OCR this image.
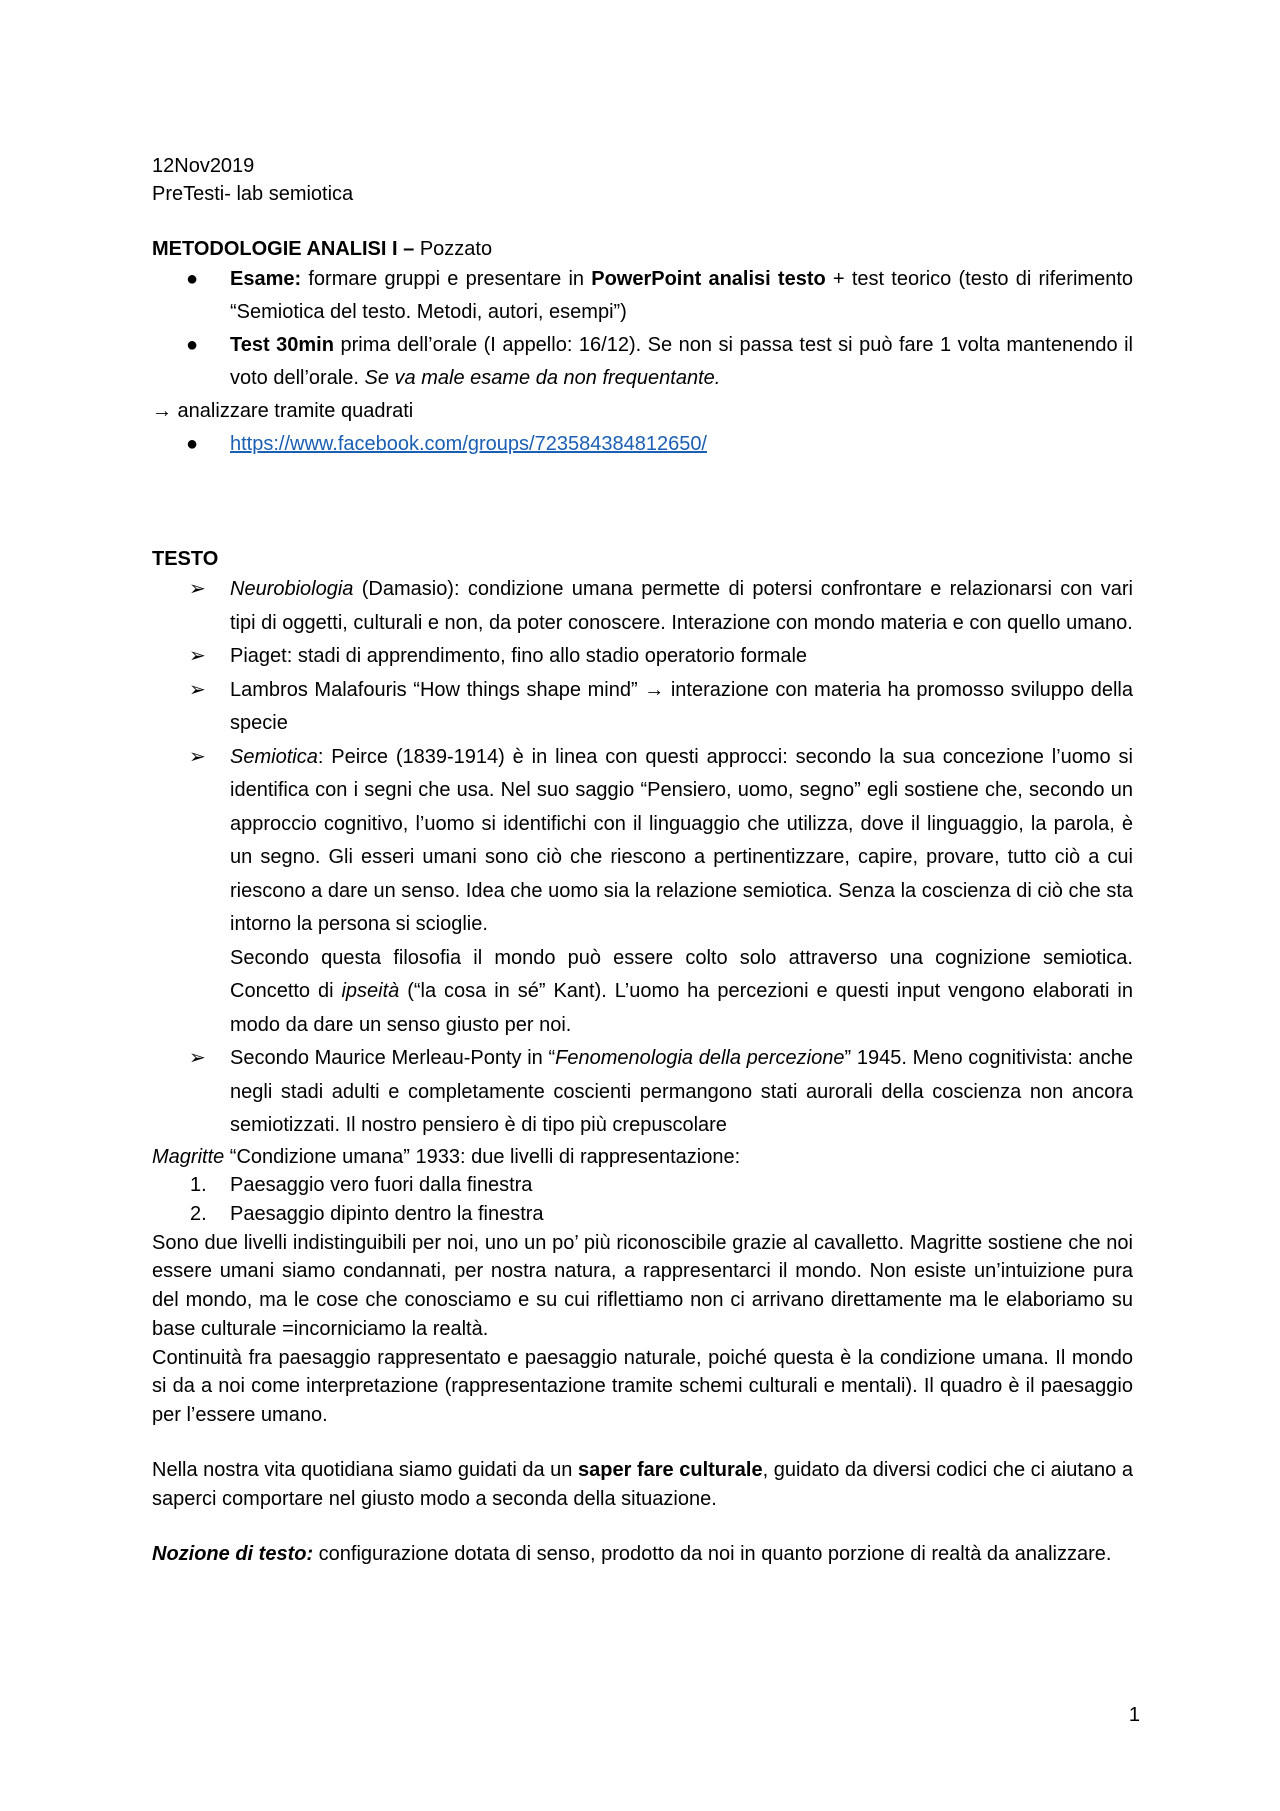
12Nov2019

PreTesti- lab semiotica

METODOLOGIE ANALISI I – Pozzato

●	Esame: formare gruppi e presentare in PowerPoint analisi testo + test teorico (testo di riferimento “Semiotica del testo. Metodi, autori, esempi”)
●	Test 30min prima dell’orale (I appello: 16/12). Se non si passa test si può fare 1 volta mantenendo il voto dell’orale. Se va male esame da non frequentante.

→ analizzare tramite quadrati

●	https://www.facebook.com/groups/723584384812650/

TESTO

➢	Neurobiologia (Damasio): condizione umana permette di potersi confrontare e relazionarsi con vari tipi di oggetti, culturali e non, da poter conoscere. Interazione con mondo materia e con quello umano.
➢	Piaget: stadi di apprendimento, fino allo stadio operatorio formale
➢	Lambros Malafouris “How things shape mind” → interazione con materia ha promosso sviluppo della specie
➢	Semiotica: Peirce (1839-1914) è in linea con questi approcci: secondo la sua concezione l’uomo si identifica con i segni che usa. Nel suo saggio “Pensiero, uomo, segno” egli sostiene che, secondo un approccio cognitivo, l’uomo si identifichi con il linguaggio che utilizza, dove il linguaggio, la parola, è un segno. Gli esseri umani sono ciò che riescono a pertinentizzare, capire, provare, tutto ciò a cui riescono a dare un senso. Idea che uomo sia la relazione semiotica. Senza la coscienza di ciò che sta intorno la persona si scioglie.
Secondo questa filosofia il mondo può essere colto solo attraverso una cognizione semiotica. Concetto di ipseità (“la cosa in sé” Kant). L’uomo ha percezioni e questi input vengono elaborati in modo da dare un senso giusto per noi.
➢	Secondo Maurice Merleau-Ponty in “Fenomenologia della percezione” 1945. Meno cognitivista: anche negli stadi adulti e completamente coscienti permangono stati aurorali della coscienza non ancora semiotizzati. Il nostro pensiero è di tipo più crepuscolare

Magritte “Condizione umana” 1933: due livelli di rappresentazione:

1.	Paesaggio vero fuori dalla finestra
2.	Paesaggio dipinto dentro la finestra

Sono due livelli indistinguibili per noi, uno un po’ più riconoscibile grazie al cavalletto. Magritte sostiene che noi essere umani siamo condannati, per nostra natura, a rappresentarci il mondo. Non esiste un’intuizione pura del mondo, ma le cose che conosciamo e su cui riflettiamo non ci arrivano direttamente ma le elaboriamo su base culturale =incorniciamo la realtà.

Continuità fra paesaggio rappresentato e paesaggio naturale, poiché questa è la condizione umana. Il mondo si da a noi come interpretazione (rappresentazione tramite schemi culturali e mentali). Il quadro è il paesaggio per l’essere umano.

Nella nostra vita quotidiana siamo guidati da un saper fare culturale, guidato da diversi codici che ci aiutano a saperci comportare nel giusto modo a seconda della situazione.

Nozione di testo: configurazione dotata di senso, prodotto da noi in quanto porzione di realtà da analizzare.

1
